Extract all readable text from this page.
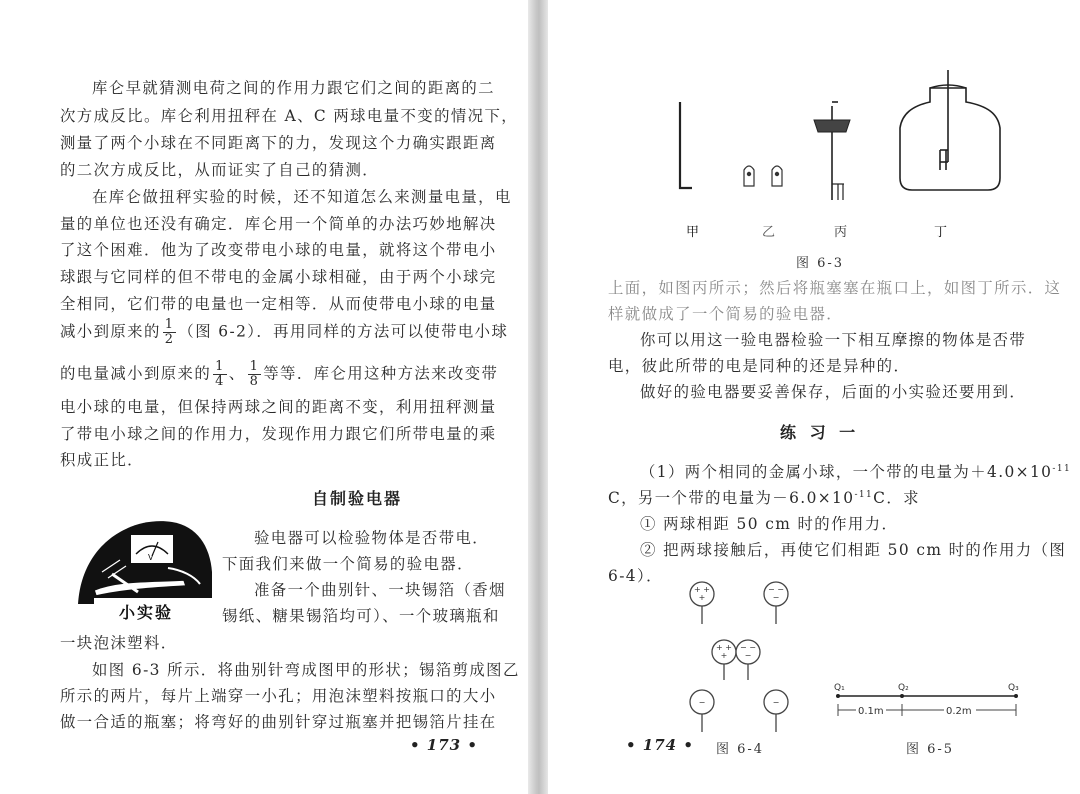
库仑早就猜测电荷之间的作用力跟它们之间的距离的二
次方成反比。库仑利用扭秤在 A、C 两球电量不变的情况下，
测量了两个小球在不同距离下的力，发现这个力确实跟距离
的二次方成反比，从而证实了自己的猜测．
在库仑做扭秤实验的时候，还不知道怎么来测量电量，电
量的单位也还没有确定．库仑用一个简单的办法巧妙地解决
了这个困难．他为了改变带电小球的电量，就将这个带电小
球跟与它同样的但不带电的金属小球相碰，由于两个小球完
全相同，它们带的电量也一定相等．从而使带电小球的电量
减小到原来的 $\frac{1}{2}$ （图 6-2）．再用同样的方法可以使带电小球
的电量减小到原来的 $\frac{1}{4}$ 、 $\frac{1}{8}$ 等等．库仑用这种方法来改变带
电小球的电量，但保持两球之间的距离不变，利用扭秤测量
了带电小球之间的作用力，发现作用力跟它们所带电量的乘
积成正比．
自制验电器
V
小实验
验电器可以检验物体是否带电．
下面我们来做一个简易的验电器．
准备一个曲别针、一块锡箔（香烟
锡纸、糖果锡箔均可）、一个玻璃瓶和
一块泡沫塑料．
如图 6-3 所示．将曲别针弯成图甲的形状；锡箔剪成图乙
所示的两片，每片上端穿一小孔；用泡沫塑料按瓶口的大小
做一合适的瓶塞；将弯好的曲别针穿过瓶塞并把锡箔片挂在
• 173 •
甲	乙	丙	丁
图 6-3
上面，如图丙所示；然后将瓶塞塞在瓶口上，如图丁所示．这
样就做成了一个简易的验电器．
你可以用这一验电器检验一下相互摩擦的物体是否带
电，彼此所带的电是同种的还是异种的．
做好的验电器要妥善保存，后面的小实验还要用到．
练 习 一
（1）两个相同的金属小球，一个带的电量为$+4.0\times 10^{-11}$
C，另一个带的电量为$-6.0\times 10^{-11}C$．求
① 两球相距 50 cm 时的作用力．
② 把两球接触后，再使它们相距 50 cm 时的作用力（图
6-4）．
+ +
+
− −
−
+ +
+
− −
−
−	−
图 6-4
Q₁	Q₂	Q₃
0.1m	0.2m
图 6-5
• 174 •
